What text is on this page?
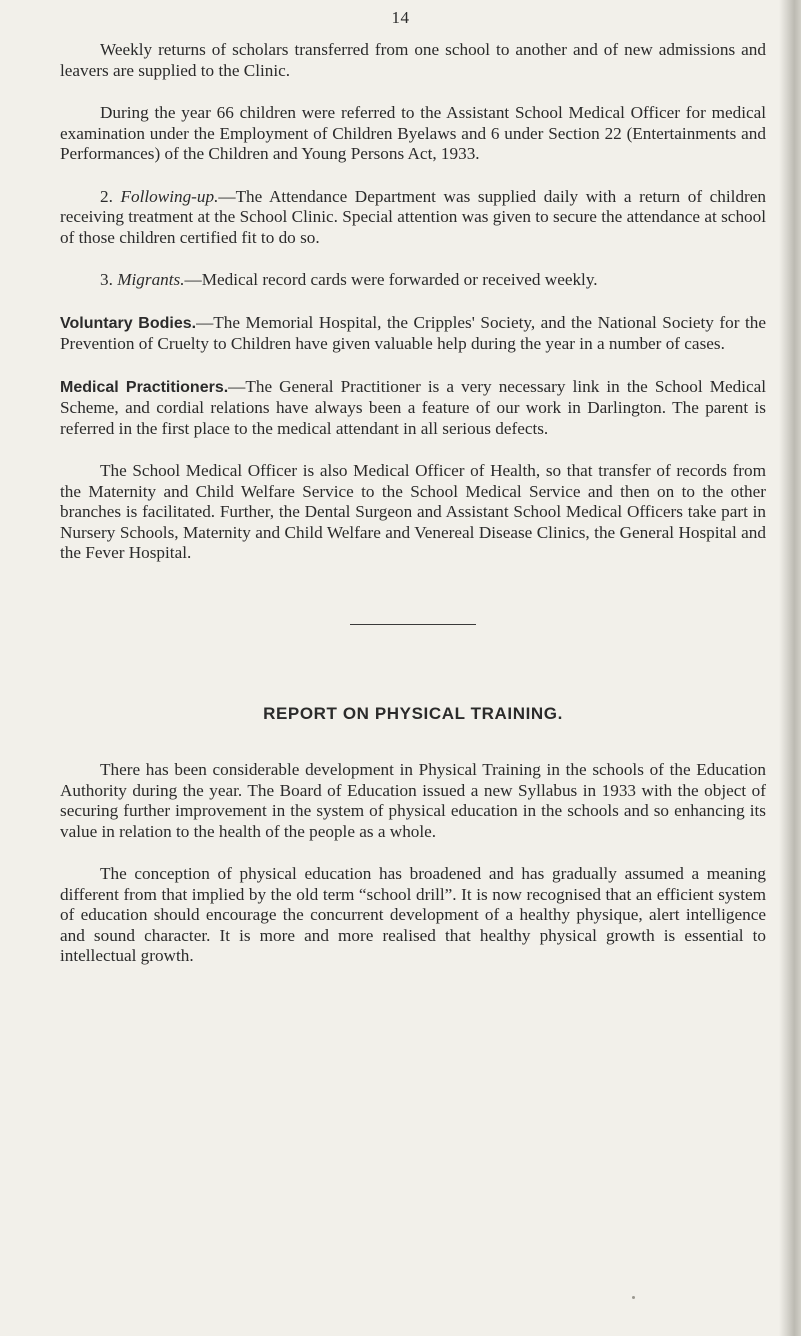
14

Weekly returns of scholars transferred from one school to another and of new admissions and leavers are supplied to the Clinic.

During the year 66 children were referred to the Assistant School Medical Officer for medical examination under the Employment of Children Byelaws and 6 under Section 22 (Entertainments and Performances) of the Children and Young Persons Act, 1933.

2. Following-up.—The Attendance Department was supplied daily with a return of children receiving treatment at the School Clinic. Special attention was given to secure the attendance at school of those children certified fit to do so.

3. Migrants.—Medical record cards were forwarded or received weekly.

Voluntary Bodies.—The Memorial Hospital, the Cripples' Society, and the National Society for the Prevention of Cruelty to Children have given valuable help during the year in a number of cases.

Medical Practitioners.—The General Practitioner is a very necessary link in the School Medical Scheme, and cordial relations have always been a feature of our work in Darlington. The parent is referred in the first place to the medical attendant in all serious defects.

The School Medical Officer is also Medical Officer of Health, so that transfer of records from the Maternity and Child Welfare Service to the School Medical Service and then on to the other branches is facilitated. Further, the Dental Surgeon and Assistant School Medical Officers take part in Nursery Schools, Maternity and Child Welfare and Venereal Disease Clinics, the General Hospital and the Fever Hospital.

REPORT ON PHYSICAL TRAINING.

There has been considerable development in Physical Training in the schools of the Education Authority during the year. The Board of Education issued a new Syllabus in 1933 with the object of securing further improvement in the system of physical education in the schools and so enhancing its value in relation to the health of the people as a whole.

The conception of physical education has broadened and has gradually assumed a meaning different from that implied by the old term “school drill”. It is now recognised that an efficient system of education should encourage the concurrent development of a healthy physique, alert intelligence and sound character. It is more and more realised that healthy physical growth is essential to intellectual growth.
